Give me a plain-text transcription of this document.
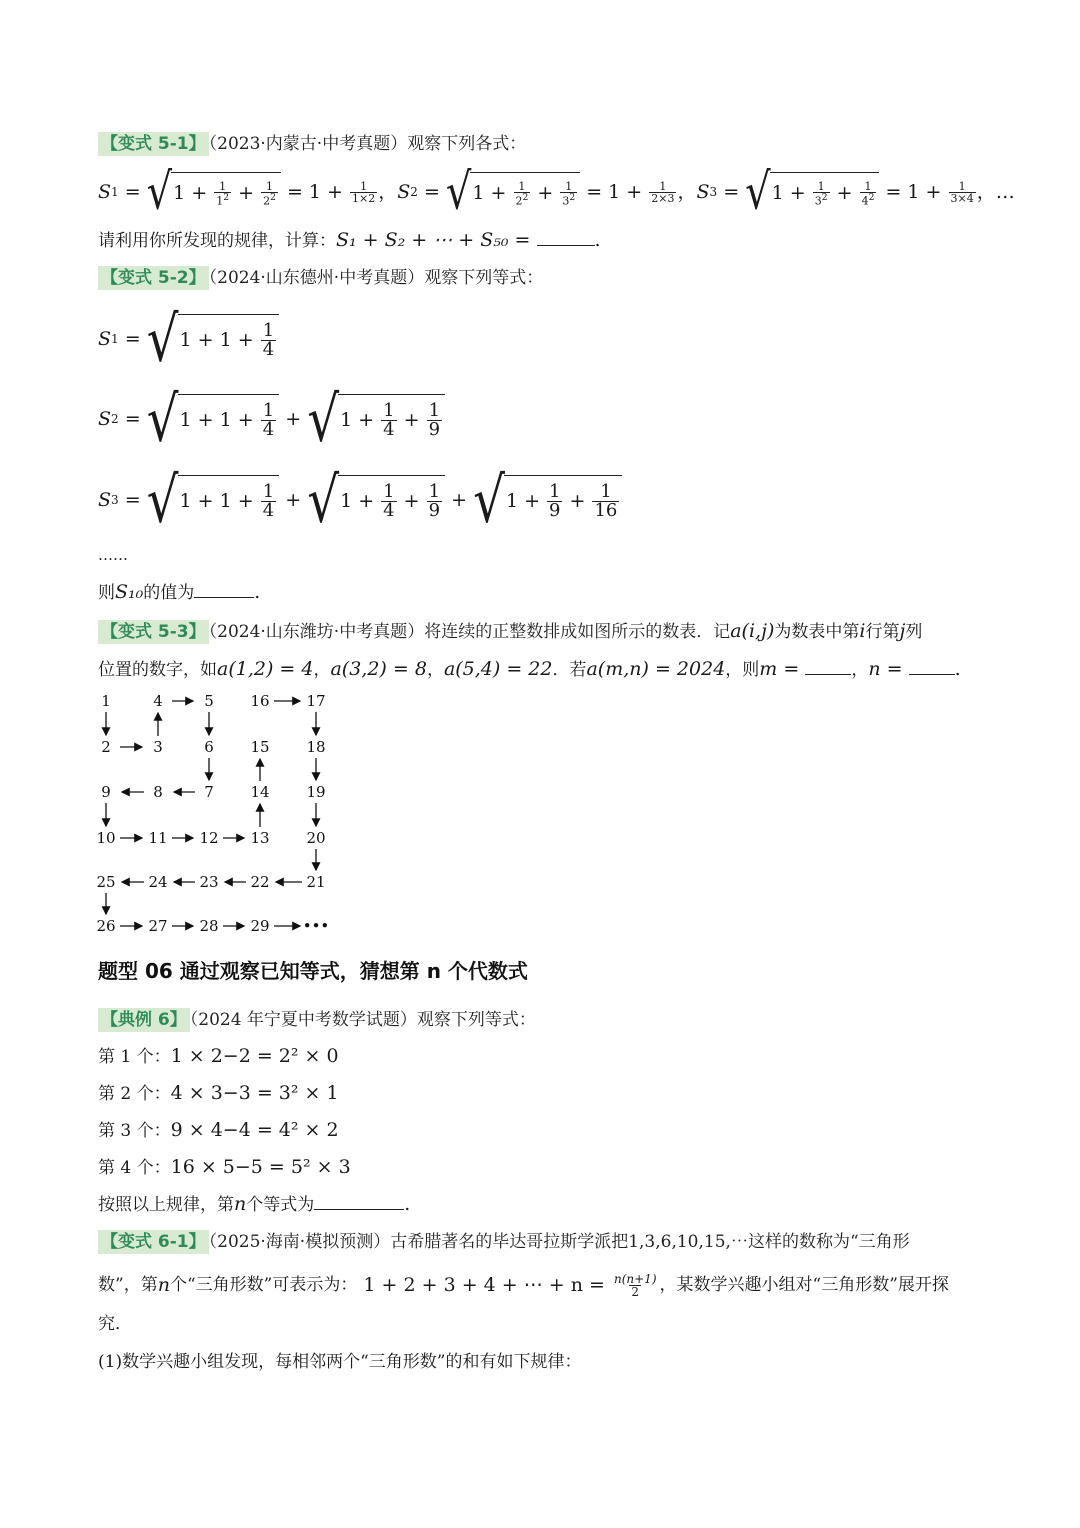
【变式 5-1】 （2023·内蒙古·中考真题）观察下列各式：
S 1 = √ $1 + \frac{1}{1^2} + \frac{1}{2^2} = 1 + \frac{1}{1\times 2}$ ， S 2 = √ $1 + \frac{1}{2^2} + \frac{1}{3^2} = 1 + \frac{1}{2\times 3}$ ， S 3 = √ $1 + \frac{1}{3^2} + \frac{1}{4^2} = 1 + \frac{1}{3\times 4}$ ，…
请利用你所发现的规律，计算：S₁ + S₂ + ⋯ + S₅₀ =	.
【变式 5-2】 （2024·山东德州·中考真题）观察下列等式：
S 1 = √ $1 + 1 + \frac{1}{4}$
S 2 = √ $1 + 1 + \frac{1}{4}$ + √ $1 + \frac{1}{4} + \frac{1}{9}$
S 3 = √ $1 + 1 + \frac{1}{4}$ + √ $1 + \frac{1}{4} + \frac{1}{9}$ + √ $1 + \frac{1}{9} + \frac{1}{16}$
……
则S₁₀的值为	.
【变式 5-3】 （2024·山东潍坊·中考真题）将连续的正整数排成如图所示的数表．记a(i,j)为数表中第i行第j列
位置的数字，如a(1,2) = 4，a(3,2) = 8，a(5,4) = 22．若a(m,n) = 2024，则m =	，n =	.
1	4	5 16 17
2	3	6 15 18
9	8	7 14 19
10 11 12 13 20
25 24 23 22 21
26 27 28 29 •••
题型 06 通过观察已知等式，猜想第 n 个代数式
【典例 6】 （2024 年宁夏中考数学试题）观察下列等式：
第 1 个：1 × 2−2 = 2² × 0
第 2 个：4 × 3−3 = 3² × 1
第 3 个：9 × 4−4 = 4² × 2
第 4 个：16 × 5−5 = 5² × 3
按照以上规律，第n个等式为	.
【变式 6-1】 （2025·海南·模拟预测）古希腊著名的毕达哥拉斯学派把1,3,6,10,15,⋯这样的数称为“三角形
数”，第 n 个“三角形数”可表示为：
1 + 2 + 3 + 4 + ⋯ + n =
$\frac{n(n+1)}{2}$ ，某数学兴趣小组对“三角形数”展开探
究．
(1)数学兴趣小组发现，每相邻两个“三角形数”的和有如下规律：
